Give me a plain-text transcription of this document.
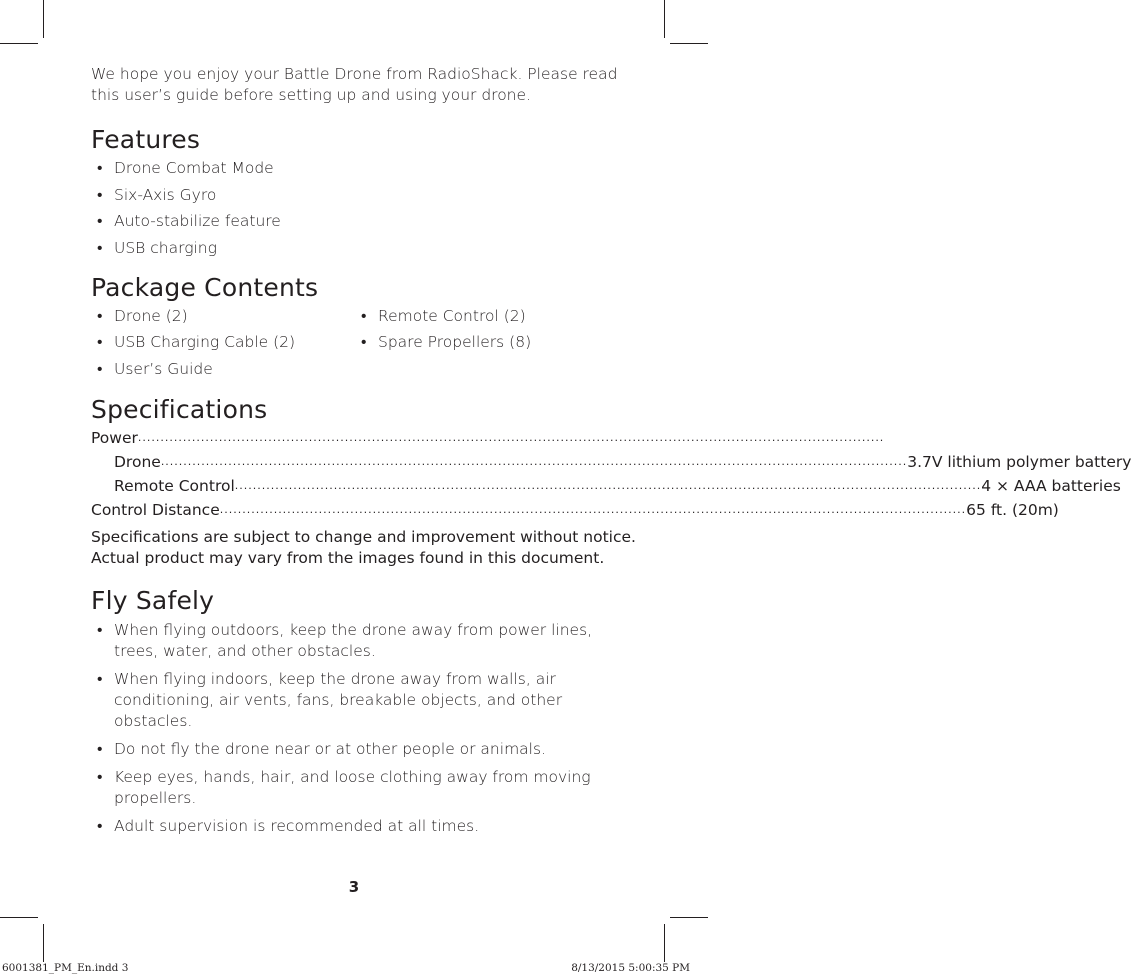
We hope you enjoy your Battle Drone from RadioShack. Please read this user’s guide before setting up and using your drone.

Features
• Drone Combat Mode
• Six-Axis Gyro
• Auto-stabilize feature
• USB charging
Package Contents
• Drone (2)
• USB Charging Cable (2)
• User’s Guide
• Remote Control (2)
• Spare Propellers (8)
Specifications
Power ......................................................................................................................................................................
Drone ...................................................................................................................................................................... 3.7V lithium polymer battery
Remote Control ...................................................................................................................................................................... 4 × AAA batteries
Control Distance ...................................................................................................................................................................... 65 ft. (20m)

Specifications are subject to change and improvement without notice. Actual product may vary from the images found in this document.

Fly Safely
• When flying outdoors, keep the drone away from power lines, trees, water, and other obstacles.
• When flying indoors, keep the drone away from walls, air conditioning, air vents, fans, breakable objects, and other obstacles.
• Do not fly the drone near or at other people or animals.
• Keep eyes, hands, hair, and loose clothing away from moving propellers.
• Adult supervision is recommended at all times.
3
6001381_PM_En.indd 3	8/13/2015 5:00:35 PM
